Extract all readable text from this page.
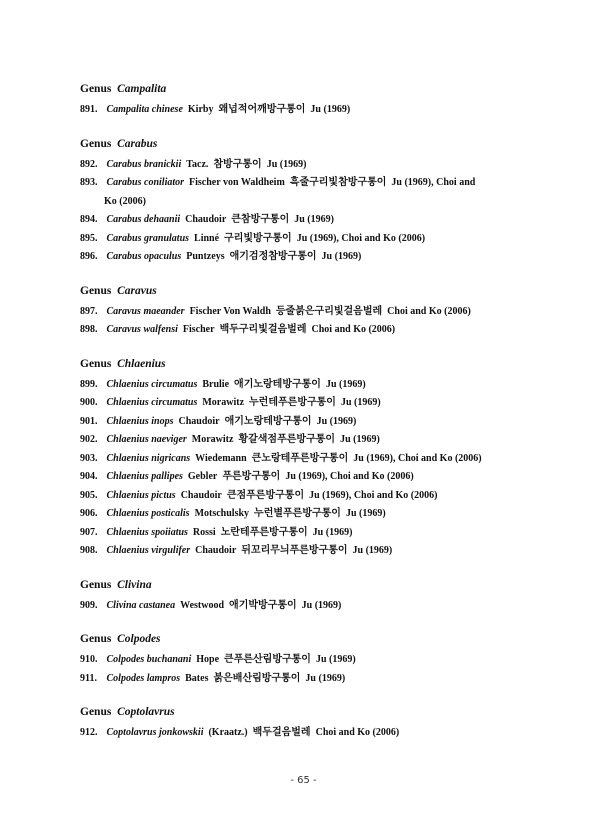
Genus Campalita
891. Campalita chinese Kirby 왜넙적어깨방구통이 Ju (1969)
Genus Carabus
892. Carabus branickii Tacz. 참방구통이 Ju (1969)
893. Carabus coniliator Fischer von Waldheim 흑줄구리빛참방구통이 Ju (1969), Choi and
Ko (2006)
894. Carabus dehaanii Chaudoir 큰참방구통이 Ju (1969)
895. Carabus granulatus Linné 구리빛방구통이 Ju (1969), Choi and Ko (2006)
896. Carabus opaculus Puntzeys 애기검정참방구통이 Ju (1969)
Genus Caravus
897. Caravus maeander Fischer Von Waldh 등줄붉은구리빛걸음벌레 Choi and Ko (2006)
898. Caravus walfensi Fischer 백두구리빛걸음벌레 Choi and Ko (2006)
Genus Chlaenius
899. Chlaenius circumatus Brulie 애기노랑테방구통이 Ju (1969)
900. Chlaenius circumatus Morawitz 누런테푸른방구통이 Ju (1969)
901. Chlaenius inops Chaudoir 애기노랑테방구통이 Ju (1969)
902. Chlaenius naeviger Morawitz 황갈색점푸른방구통이 Ju (1969)
903. Chlaenius nigricans Wiedemann 큰노랑테푸른방구통이 Ju (1969), Choi and Ko (2006)
904. Chlaenius pallipes Gebler 푸른방구통이 Ju (1969), Choi and Ko (2006)
905. Chlaenius pictus Chaudoir 큰점푸른방구통이 Ju (1969), Choi and Ko (2006)
906. Chlaenius posticalis Motschulsky 누런별푸른방구통이 Ju (1969)
907. Chlaenius spoiiatus Rossi 노란테푸른방구통이 Ju (1969)
908. Chlaenius virgulifer Chaudoir 뒤꼬리무늬푸른방구통이 Ju (1969)
Genus Clivina
909. Clivina castanea Westwood 애기박방구통이 Ju (1969)
Genus Colpodes
910. Colpodes buchanani Hope 큰푸른산림방구통이 Ju (1969)
911. Colpodes lampros Bates 붉은배산림방구통이 Ju (1969)
Genus Coptolavrus
912. Coptolavrus jonkowskii (Kraatz.) 백두걸음벌레 Choi and Ko (2006)
- 65 -
